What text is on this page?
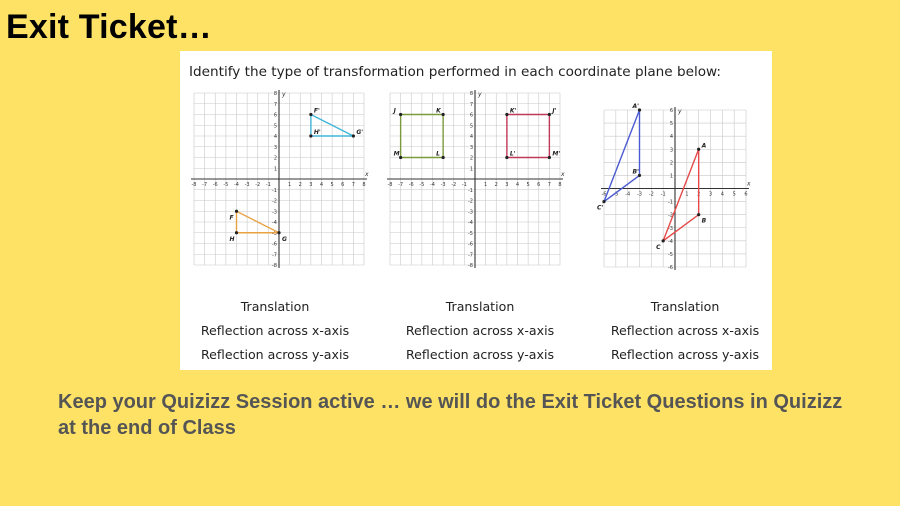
Exit Ticket…
Identify the type of transformation performed in each coordinate plane below:
-8 -7 -6 -5 -4 -3 -2 -1	1 2 3 4 5 6 7 8
-8
-7
-6
-5
-4
-3
-2
-1
1
2
3
4
5
6
7
8
x
y
F'
G'
H'
F
G
H
-8 -7 -6 -5 -4 -3 -2 -1	1 2 3 4 5 6 7 8
-8
-7
-6
-5
-4
-3
-2
-1
1
2
3
4
5
6
7
8
x
y
J	K
L
M
K'	J'
M'
L'
-6 -5 -4 -3 -2 -1	1 2 3 4 5 6
-6
-5
-4
-3
-2
-1
1
2
3
4
5
6
x
y
A'
B'
C'
A
B
C
Translation
Reflection across x-axis
Reflection across y-axis
Translation
Reflection across x-axis
Reflection across y-axis
Translation
Reflection across x-axis
Reflection across y-axis
Keep your Quizizz Session active … we will do the Exit Ticket Questions in Quizizz at the end of Class
